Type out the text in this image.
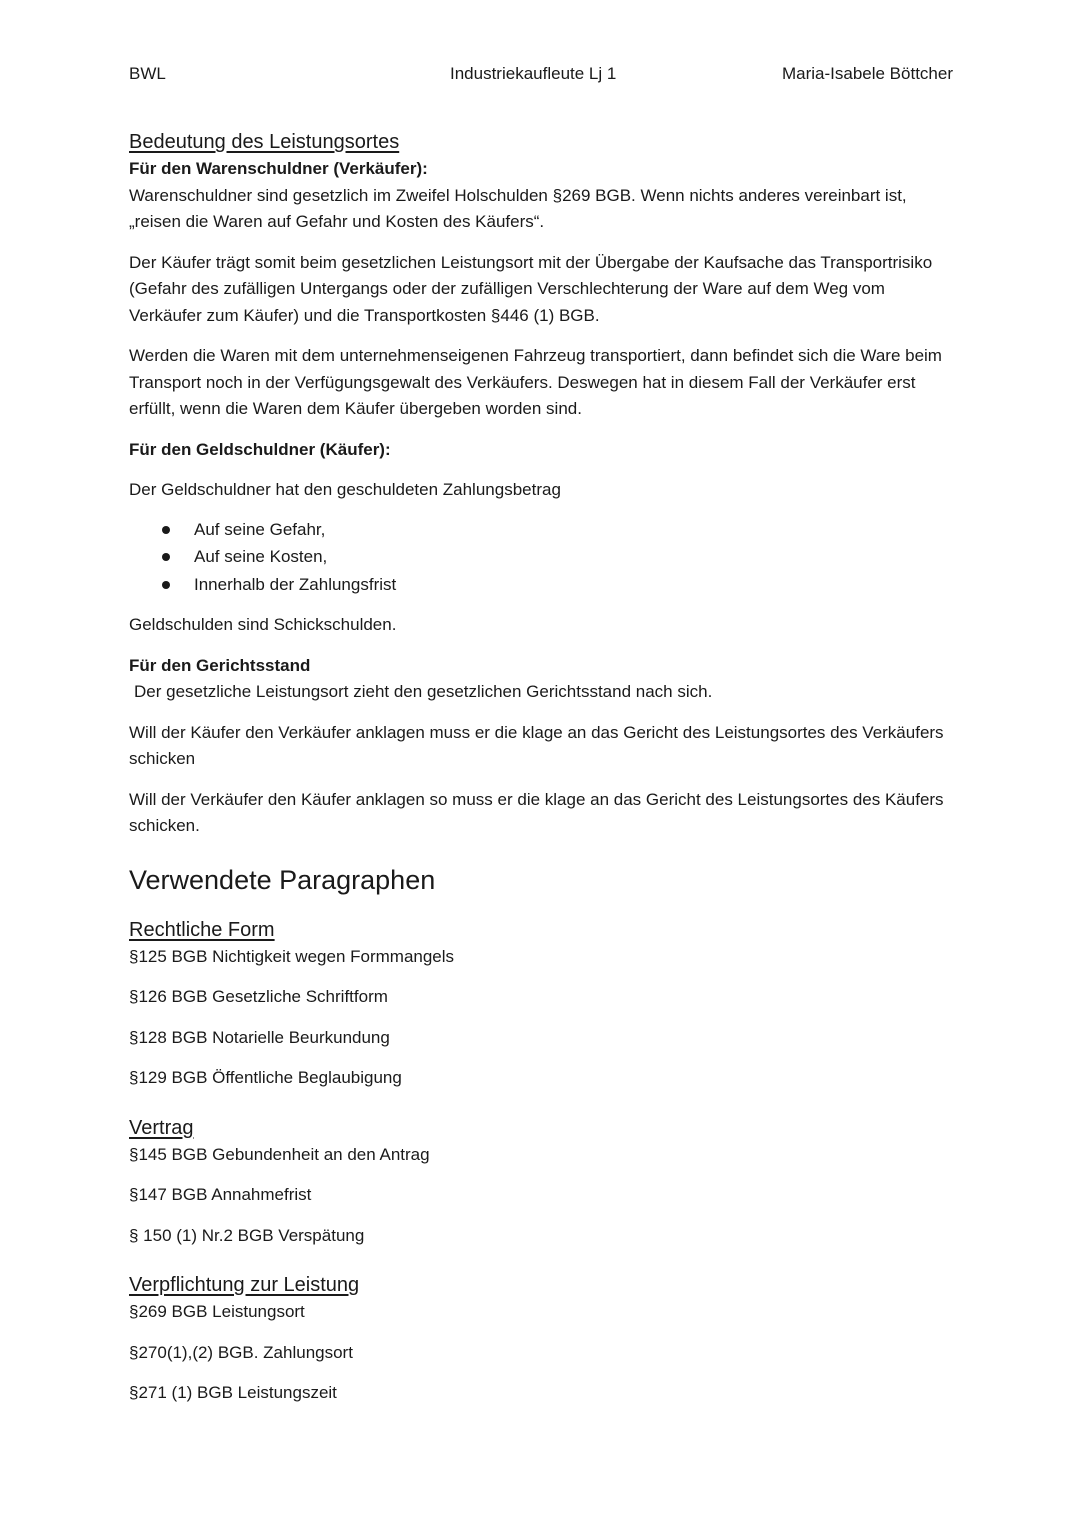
BWL	Industriekaufleute Lj 1	Maria-Isabele Böttcher
Bedeutung des Leistungsortes

Für den Warenschuldner (Verkäufer):

Warenschuldner sind gesetzlich im Zweifel Holschulden §269 BGB. Wenn nichts anderes vereinbart ist, „reisen die Waren auf Gefahr und Kosten des Käufers“.

Der Käufer trägt somit beim gesetzlichen Leistungsort mit der Übergabe der Kaufsache das Transportrisiko (Gefahr des zufälligen Untergangs oder der zufälligen Verschlechterung der Ware auf dem Weg vom Verkäufer zum Käufer) und die Transportkosten §446 (1) BGB.

Werden die Waren mit dem unternehmenseigenen Fahrzeug transportiert, dann befindet sich die Ware beim Transport noch in der Verfügungsgewalt des Verkäufers. Deswegen hat in diesem Fall der Verkäufer erst erfüllt, wenn die Waren dem Käufer übergeben worden sind.

Für den Geldschuldner (Käufer):

Der Geldschuldner hat den geschuldeten Zahlungsbetrag

Auf seine Gefahr,
Auf seine Kosten,
Innerhalb der Zahlungsfrist

Geldschulden sind Schickschulden.

Für den Gerichtsstand

Der gesetzliche Leistungsort zieht den gesetzlichen Gerichtsstand nach sich.

Will der Käufer den Verkäufer anklagen muss er die klage an das Gericht des Leistungsortes des Verkäufers schicken

Will der Verkäufer den Käufer anklagen so muss er die klage an das Gericht des Leistungsortes des Käufers schicken.

Verwendete Paragraphen
Rechtliche Form

§125 BGB Nichtigkeit wegen Formmangels

§126 BGB Gesetzliche Schriftform

§128 BGB Notarielle Beurkundung

§129 BGB Öffentliche Beglaubigung

Vertrag

§145 BGB Gebundenheit an den Antrag

§147 BGB Annahmefrist

§ 150 (1) Nr.2 BGB Verspätung

Verpflichtung zur Leistung

§269 BGB Leistungsort

§270(1),(2) BGB. Zahlungsort

§271 (1) BGB Leistungszeit
